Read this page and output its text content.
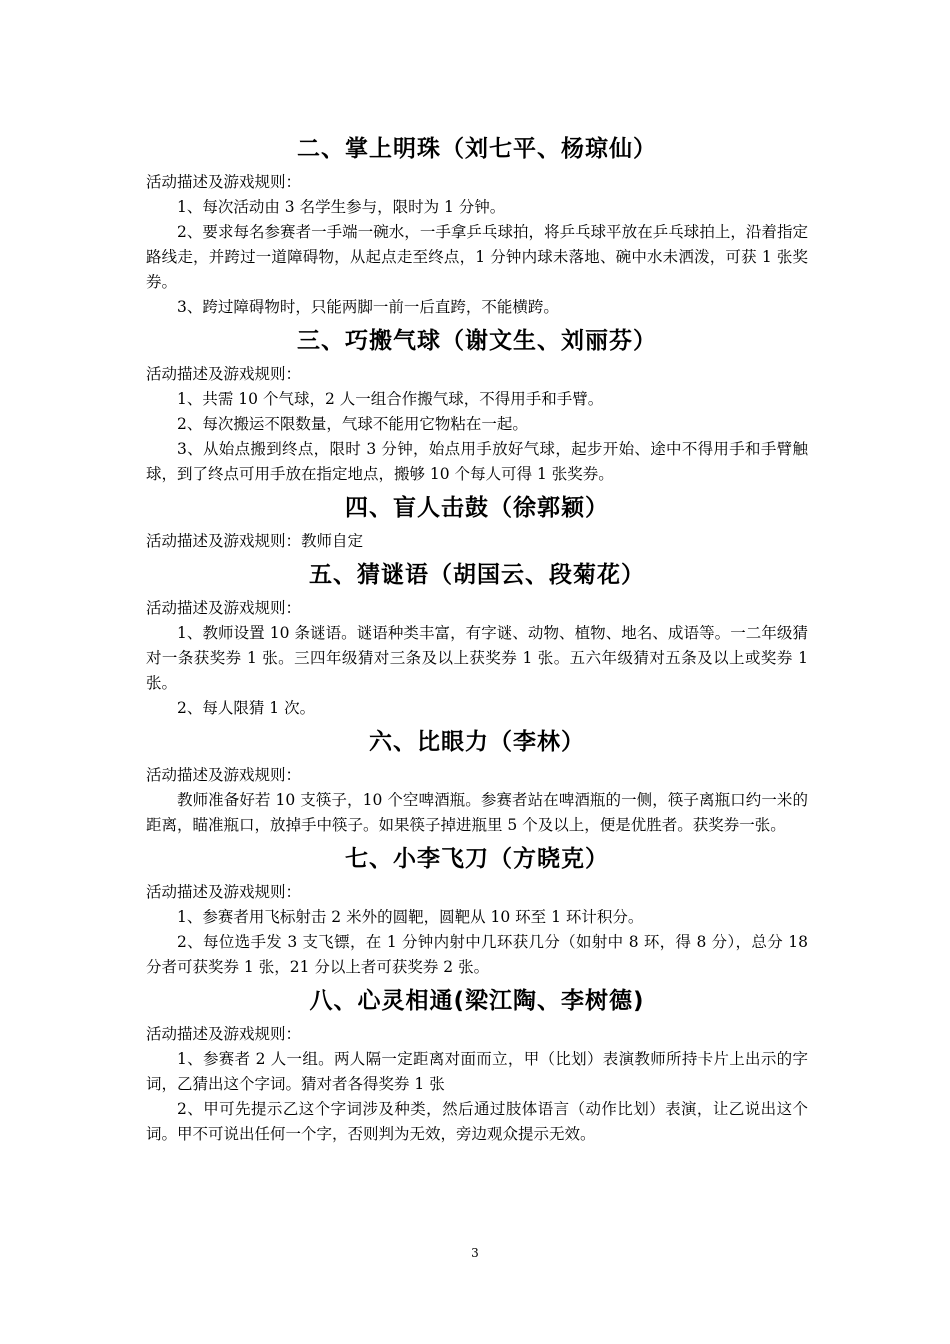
二、掌上明珠（刘七平、杨琼仙）

活动描述及游戏规则：

1、每次活动由 3 名学生参与，限时为 1 分钟。

2、要求每名参赛者一手端一碗水，一手拿乒乓球拍，将乒乓球平放在乒乓球拍上，沿着指定路线走，并跨过一道障碍物，从起点走至终点，1 分钟内球未落地、碗中水未洒泼，可获 1 张奖券。

3、跨过障碍物时，只能两脚一前一后直跨，不能横跨。

三、巧搬气球（谢文生、刘丽芬）

活动描述及游戏规则：

1、共需 10 个气球，2 人一组合作搬气球，不得用手和手臂。

2、每次搬运不限数量，气球不能用它物粘在一起。

3、从始点搬到终点，限时 3 分钟，始点用手放好气球，起步开始、途中不得用手和手臂触球，到了终点可用手放在指定地点，搬够 10 个每人可得 1 张奖券。

四、盲人击鼓（徐郭颖）

活动描述及游戏规则：教师自定

五、猜谜语（胡国云、段菊花）

活动描述及游戏规则：

1、教师设置 10 条谜语。谜语种类丰富，有字谜、动物、植物、地名、成语等。一二年级猜对一条获奖券 1 张。三四年级猜对三条及以上获奖券 1 张。五六年级猜对五条及以上或奖券 1 张。

2、每人限猜 1 次。

六、比眼力（李林）

活动描述及游戏规则：

教师准备好若 10 支筷子，10 个空啤酒瓶。参赛者站在啤酒瓶的一侧，筷子离瓶口约一米的距离，瞄准瓶口，放掉手中筷子。如果筷子掉进瓶里 5 个及以上，便是优胜者。获奖券一张。

七、小李飞刀（方晓克）

活动描述及游戏规则：

1、参赛者用飞标射击 2 米外的圆靶，圆靶从 10 环至 1 环计积分。

2、每位选手发 3 支飞镖，在 1 分钟内射中几环获几分（如射中 8 环，得 8 分），总分 18 分者可获奖券 1 张，21 分以上者可获奖券 2 张。

八、心灵相通(梁江陶、李树德)

活动描述及游戏规则：

1、参赛者 2 人一组。两人隔一定距离对面而立，甲（比划）表演教师所持卡片上出示的字词，乙猜出这个字词。猜对者各得奖券 1 张

2、甲可先提示乙这个字词涉及种类，然后通过肢体语言（动作比划）表演，让乙说出这个词。甲不可说出任何一个字，否则判为无效，旁边观众提示无效。

3
